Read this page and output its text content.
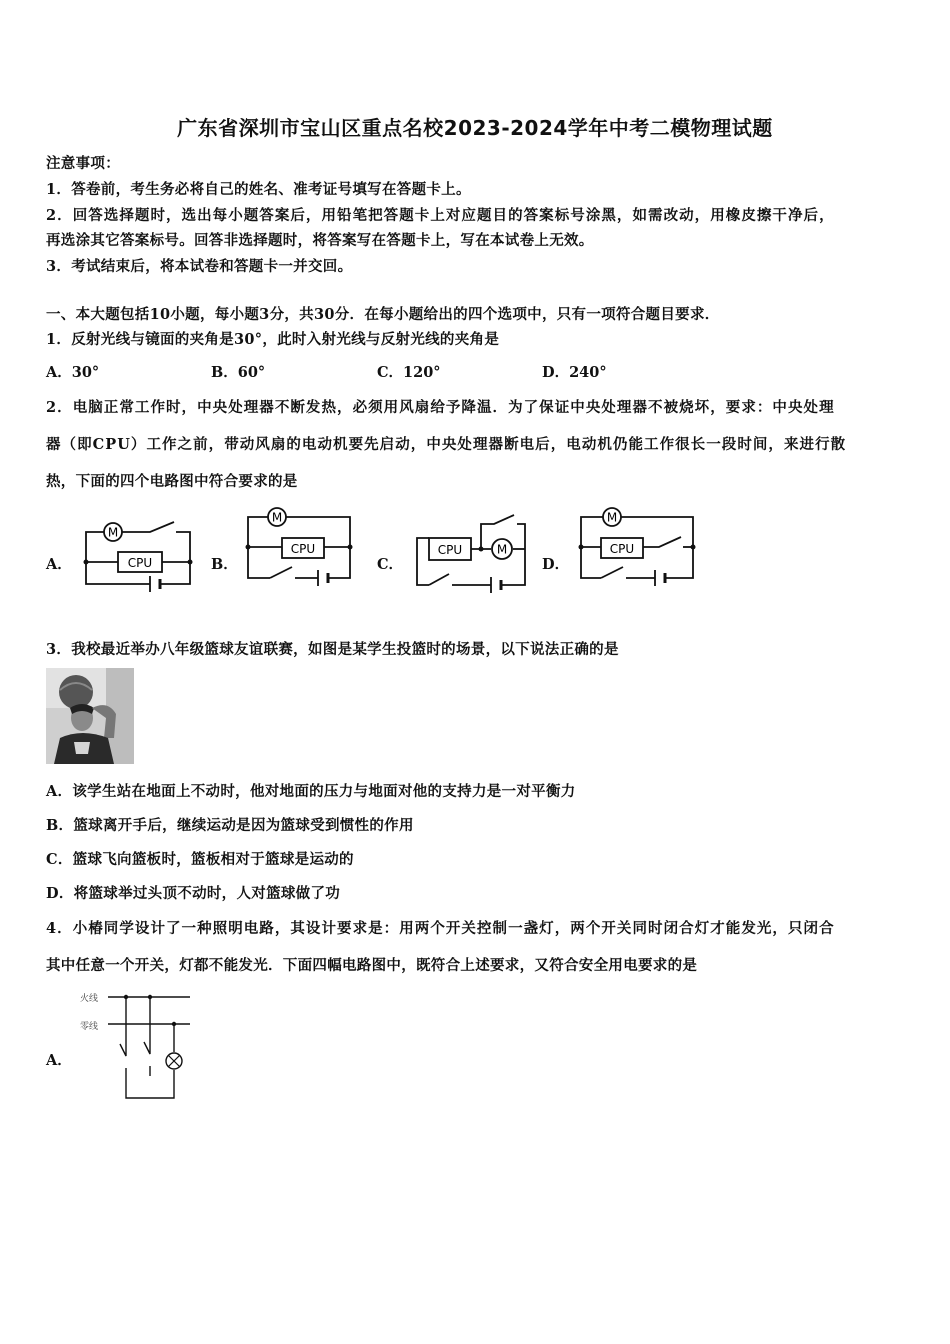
广东省深圳市宝山区重点名校2023-2024学年中考二模物理试题
注意事项：
1．答卷前，考生务必将自己的姓名、准考证号填写在答题卡上。
2．回答选择题时，选出每小题答案后，用铅笔把答题卡上对应题目的答案标号涂黑，如需改动，用橡皮擦干净后，
再选涂其它答案标号。回答非选择题时，将答案写在答题卡上，写在本试卷上无效。
3．考试结束后，将本试卷和答题卡一并交回。
一、本大题包括10小题，每小题3分，共30分．在每小题给出的四个选项中，只有一项符合题目要求．
1．反射光线与镜面的夹角是30°，此时入射光线与反射光线的夹角是
A．30°	B．60°	C．120°	D．240°
2．电脑正常工作时，中央处理器不断发热，必须用风扇给予降温．为了保证中央处理器不被烧坏，要求：中央处理
器（即CPU）工作之前，带动风扇的电动机要先启动，中央处理器断电后，电动机仍能工作很长一段时间，来进行散
热，下面的四个电路图中符合要求的是
A．	B．	C．	D．
M
CPU
M
CPU	CPU	M
M
CPU
3．我校最近举办八年级篮球友谊联赛，如图是某学生投篮时的场景，以下说法正确的是
A．该学生站在地面上不动时，他对地面的压力与地面对他的支持力是一对平衡力
B．篮球离开手后，继续运动是因为篮球受到惯性的作用
C．篮球飞向篮板时，篮板相对于篮球是运动的
D．将篮球举过头顶不动时，人对篮球做了功
4．小椿同学设计了一种照明电路，其设计要求是：用两个开关控制一盏灯，两个开关同时闭合灯才能发光，只闭合
其中任意一个开关，灯都不能发光．下面四幅电路图中，既符合上述要求，又符合安全用电要求的是
A．
火线
零线
